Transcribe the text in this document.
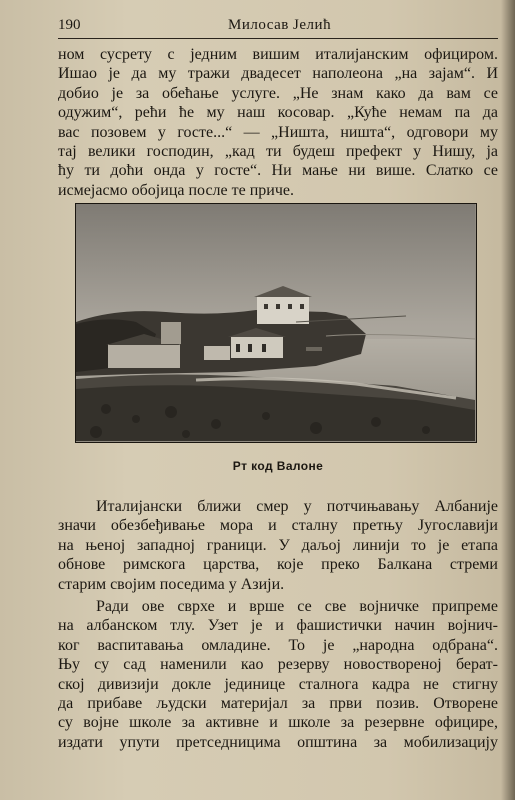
190	Милосав Јелић
ном сусрету с једним вишим италијанским официром.
Ишао је да му тражи двадесет наполеона „на зајам“. И
добио је за обећање услуге. „Не знам како да вам се
одужим“, рећи ће му наш косовар. „Куће немам па да
вас позовем у госте...“ — „Ништа, ништа“, одговори му
тај велики господин, „кад ти будеш префект у Нишу, ја
ћу ти доћи онда у госте“. Ни мање ни више. Слатко се
исмејасмо обојица после те приче.
Рт код Валоне
Италијански ближи смер у потчињавању Албаније
значи обезбеђивање мора и сталну претњу Југославији
на њеној западној граници. У даљој линији то је етапа
обнове римскога царства, које преко Балкана стреми
старим својим поседима у Азији.
Ради ове сврхе и врше се све војничке припреме
на албанском тлу. Узет је и фашистички начин војнич-
ког васпитавања омладине. То је „народна одбрана“.
Њу су сад наменили као резерву новоствореној берат-
ској дивизији докле јединице сталнога кадра не стигну
да прибаве људски материјал за први позив. Отворене
су војне школе за активне и школе за резервне официре,
издати упути претседницима општина за мобилизацију
